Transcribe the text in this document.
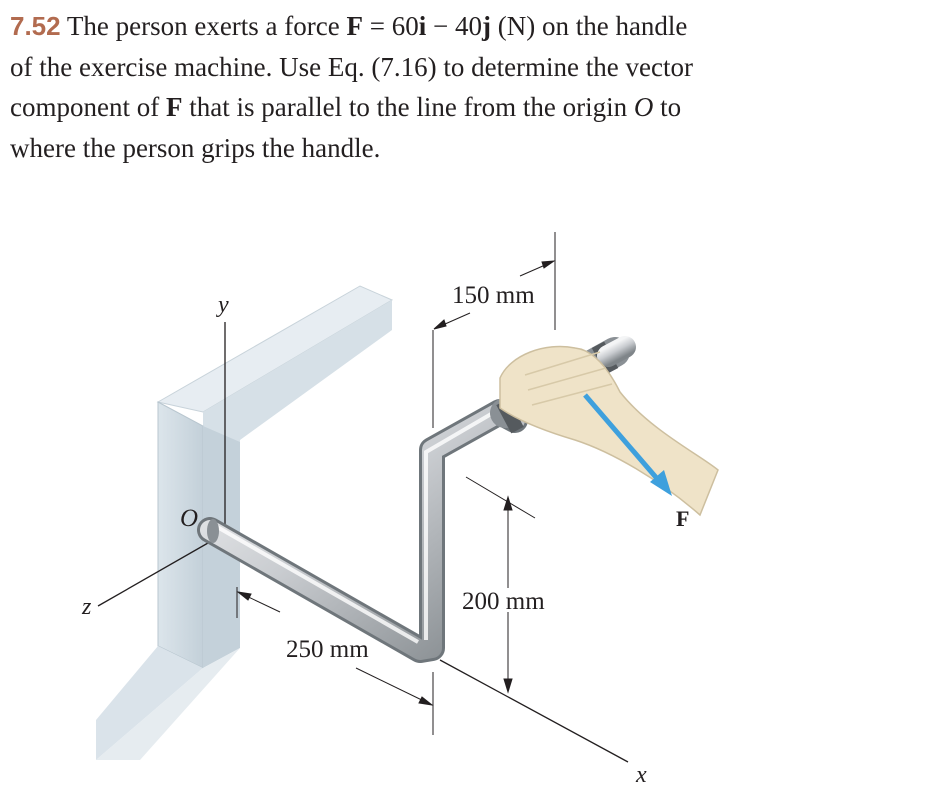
7.52 The person exerts a force F = 60i − 40j (N) on the handle
of the exercise machine. Use Eq. (7.16) to determine the vector
component of F that is parallel to the line from the origin O to
where the person grips the handle.
y
z
x
O	F
150 mm
200 mm
250 mm
